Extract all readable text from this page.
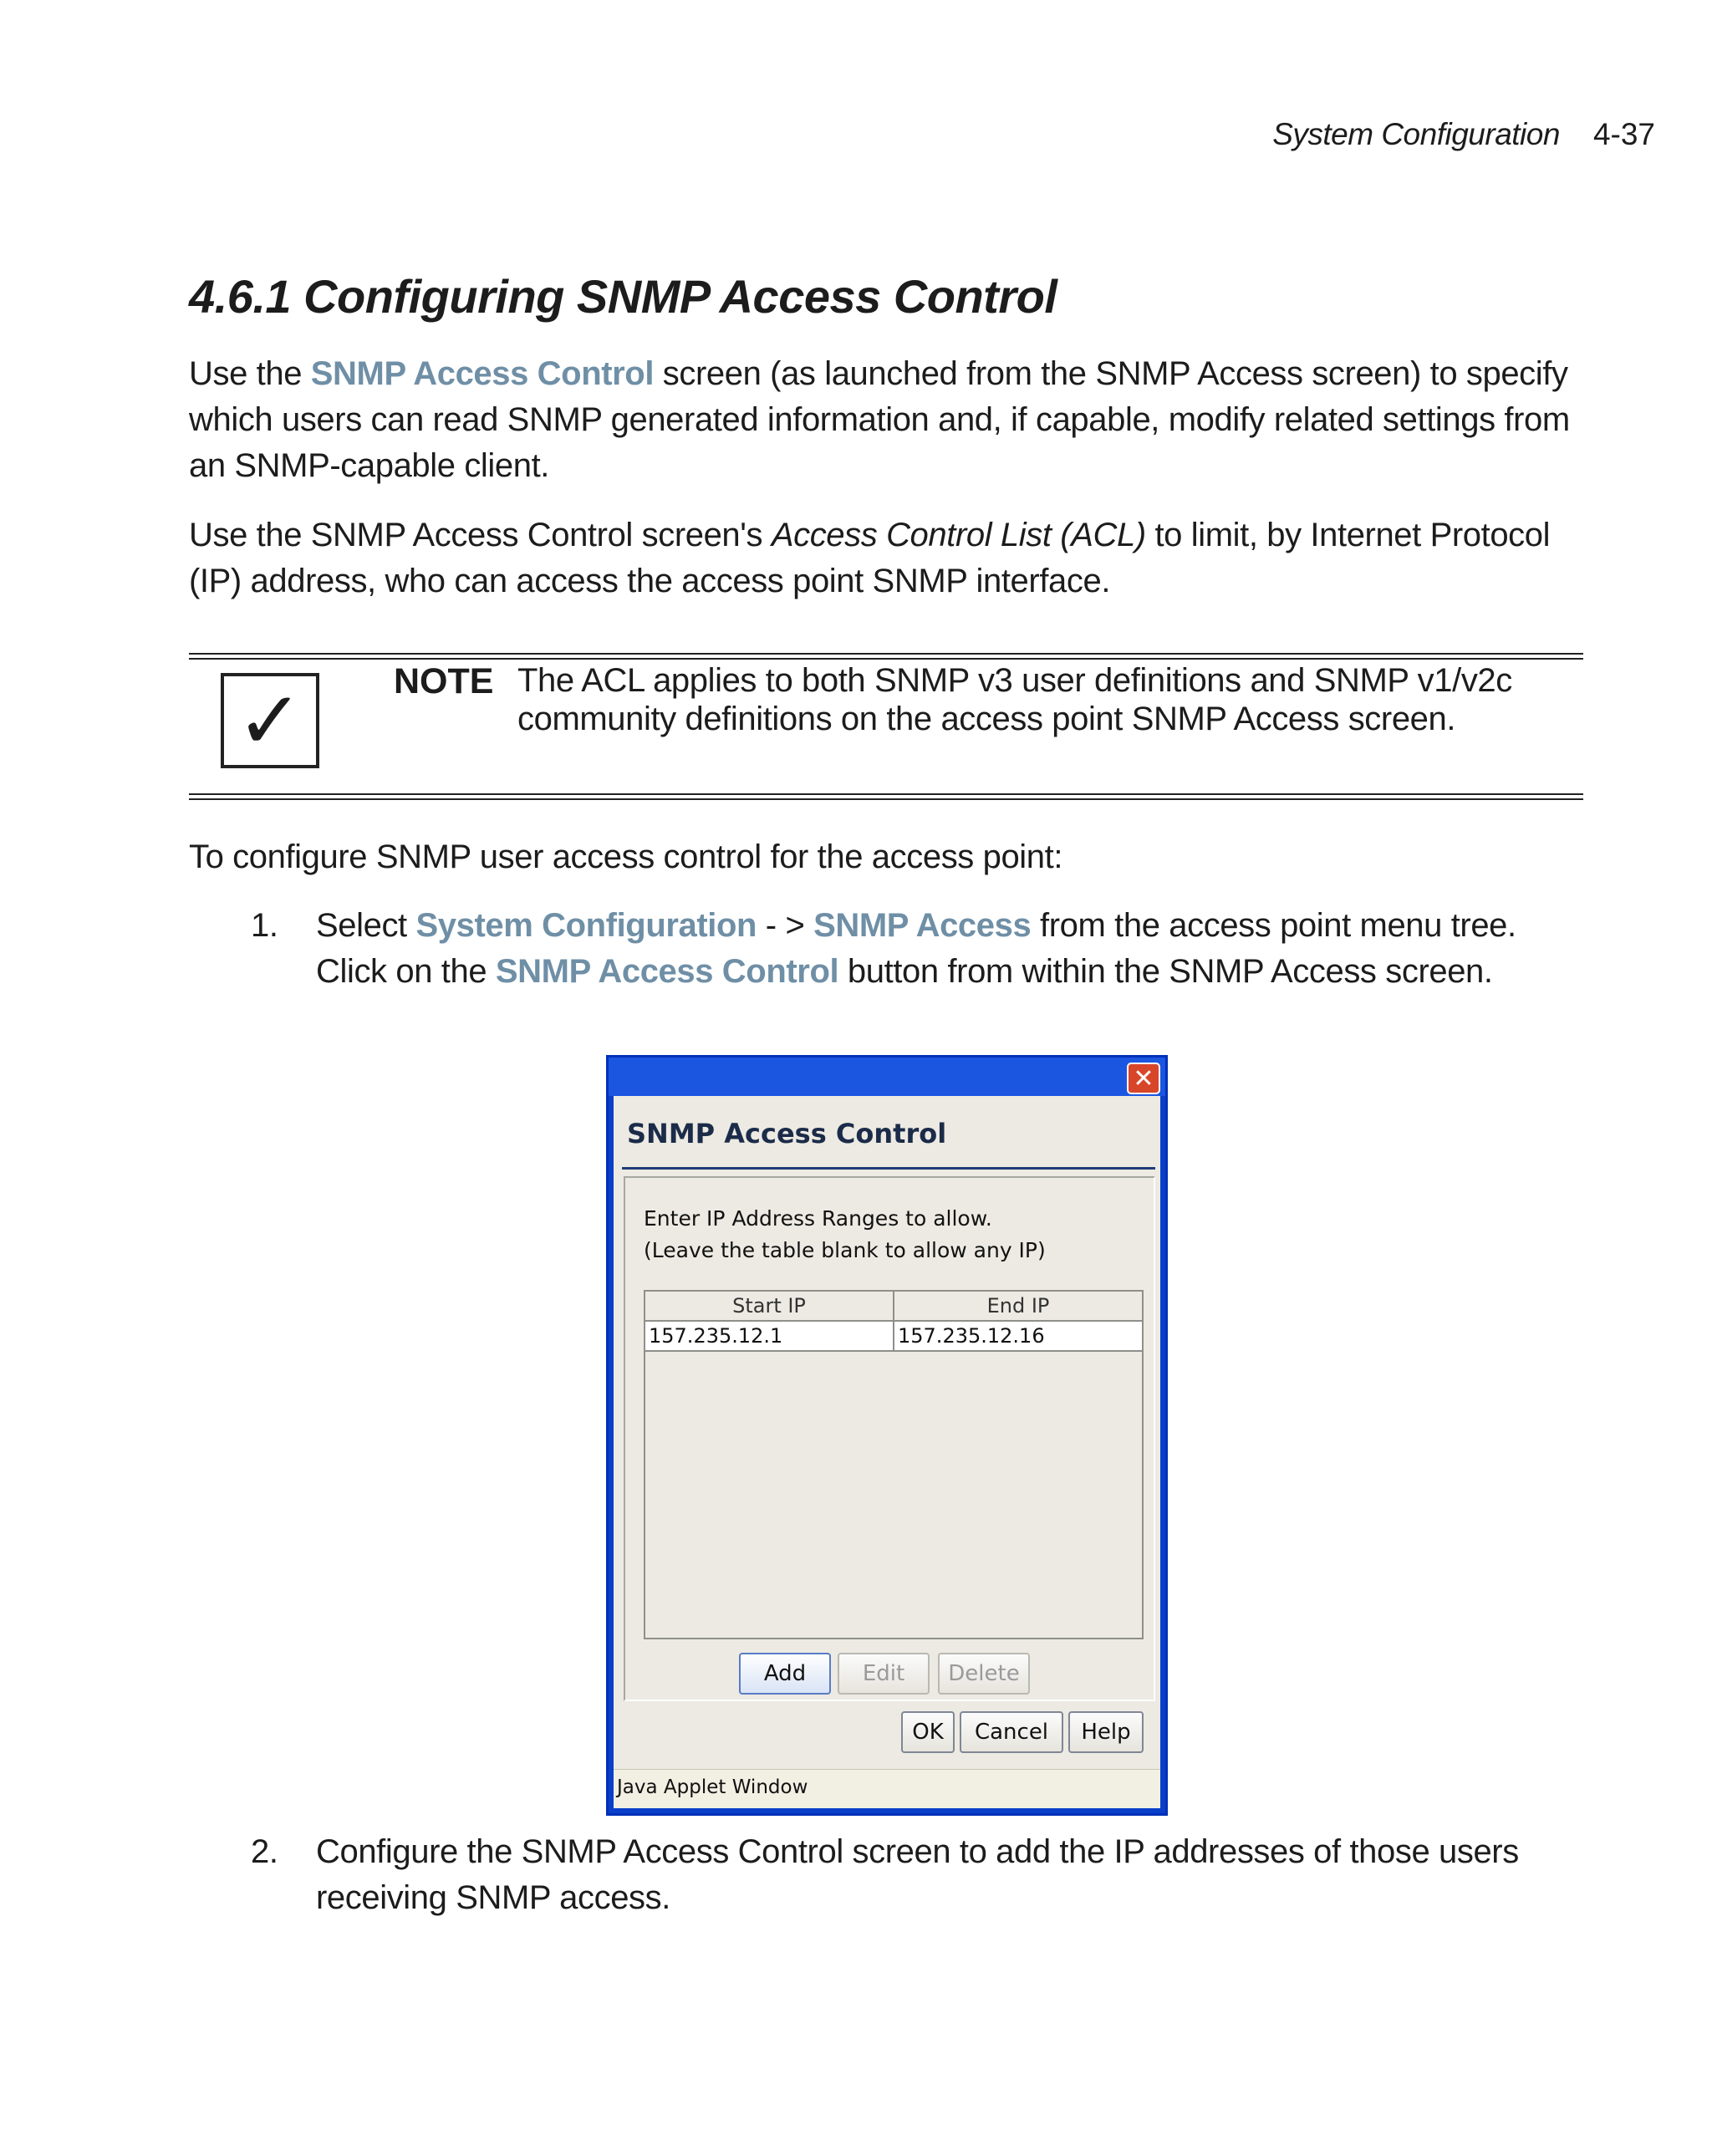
System Configuration 4-37
4.6.1 Configuring SNMP Access Control

Use the SNMP Access Control screen (as launched from the SNMP Access screen) to specify which users can read SNMP generated information and, if capable, modify related settings from an SNMP-capable client.

Use the SNMP Access Control screen's Access Control List (ACL) to limit, by Internet Protocol (IP) address, who can access the access point SNMP interface.

✓	NOTE The ACL applies to both SNMP v3 user definitions and SNMP v1/v2c community definitions on the access point SNMP Access screen.

To configure SNMP user access control for the access point:

1. Select System Configuration - > SNMP Access from the access point menu tree. Click on the SNMP Access Control button from within the SNMP Access screen.
✕
SNMP Access Control
Enter IP Address Ranges to allow.
(Leave the table blank to allow any IP)
Start IP	End IP
157.235.12.1	157.235.12.16
Add	Edit	Delete
OK	Cancel	Help
Java Applet Window
2. Configure the SNMP Access Control screen to add the IP addresses of those users receiving SNMP access.
